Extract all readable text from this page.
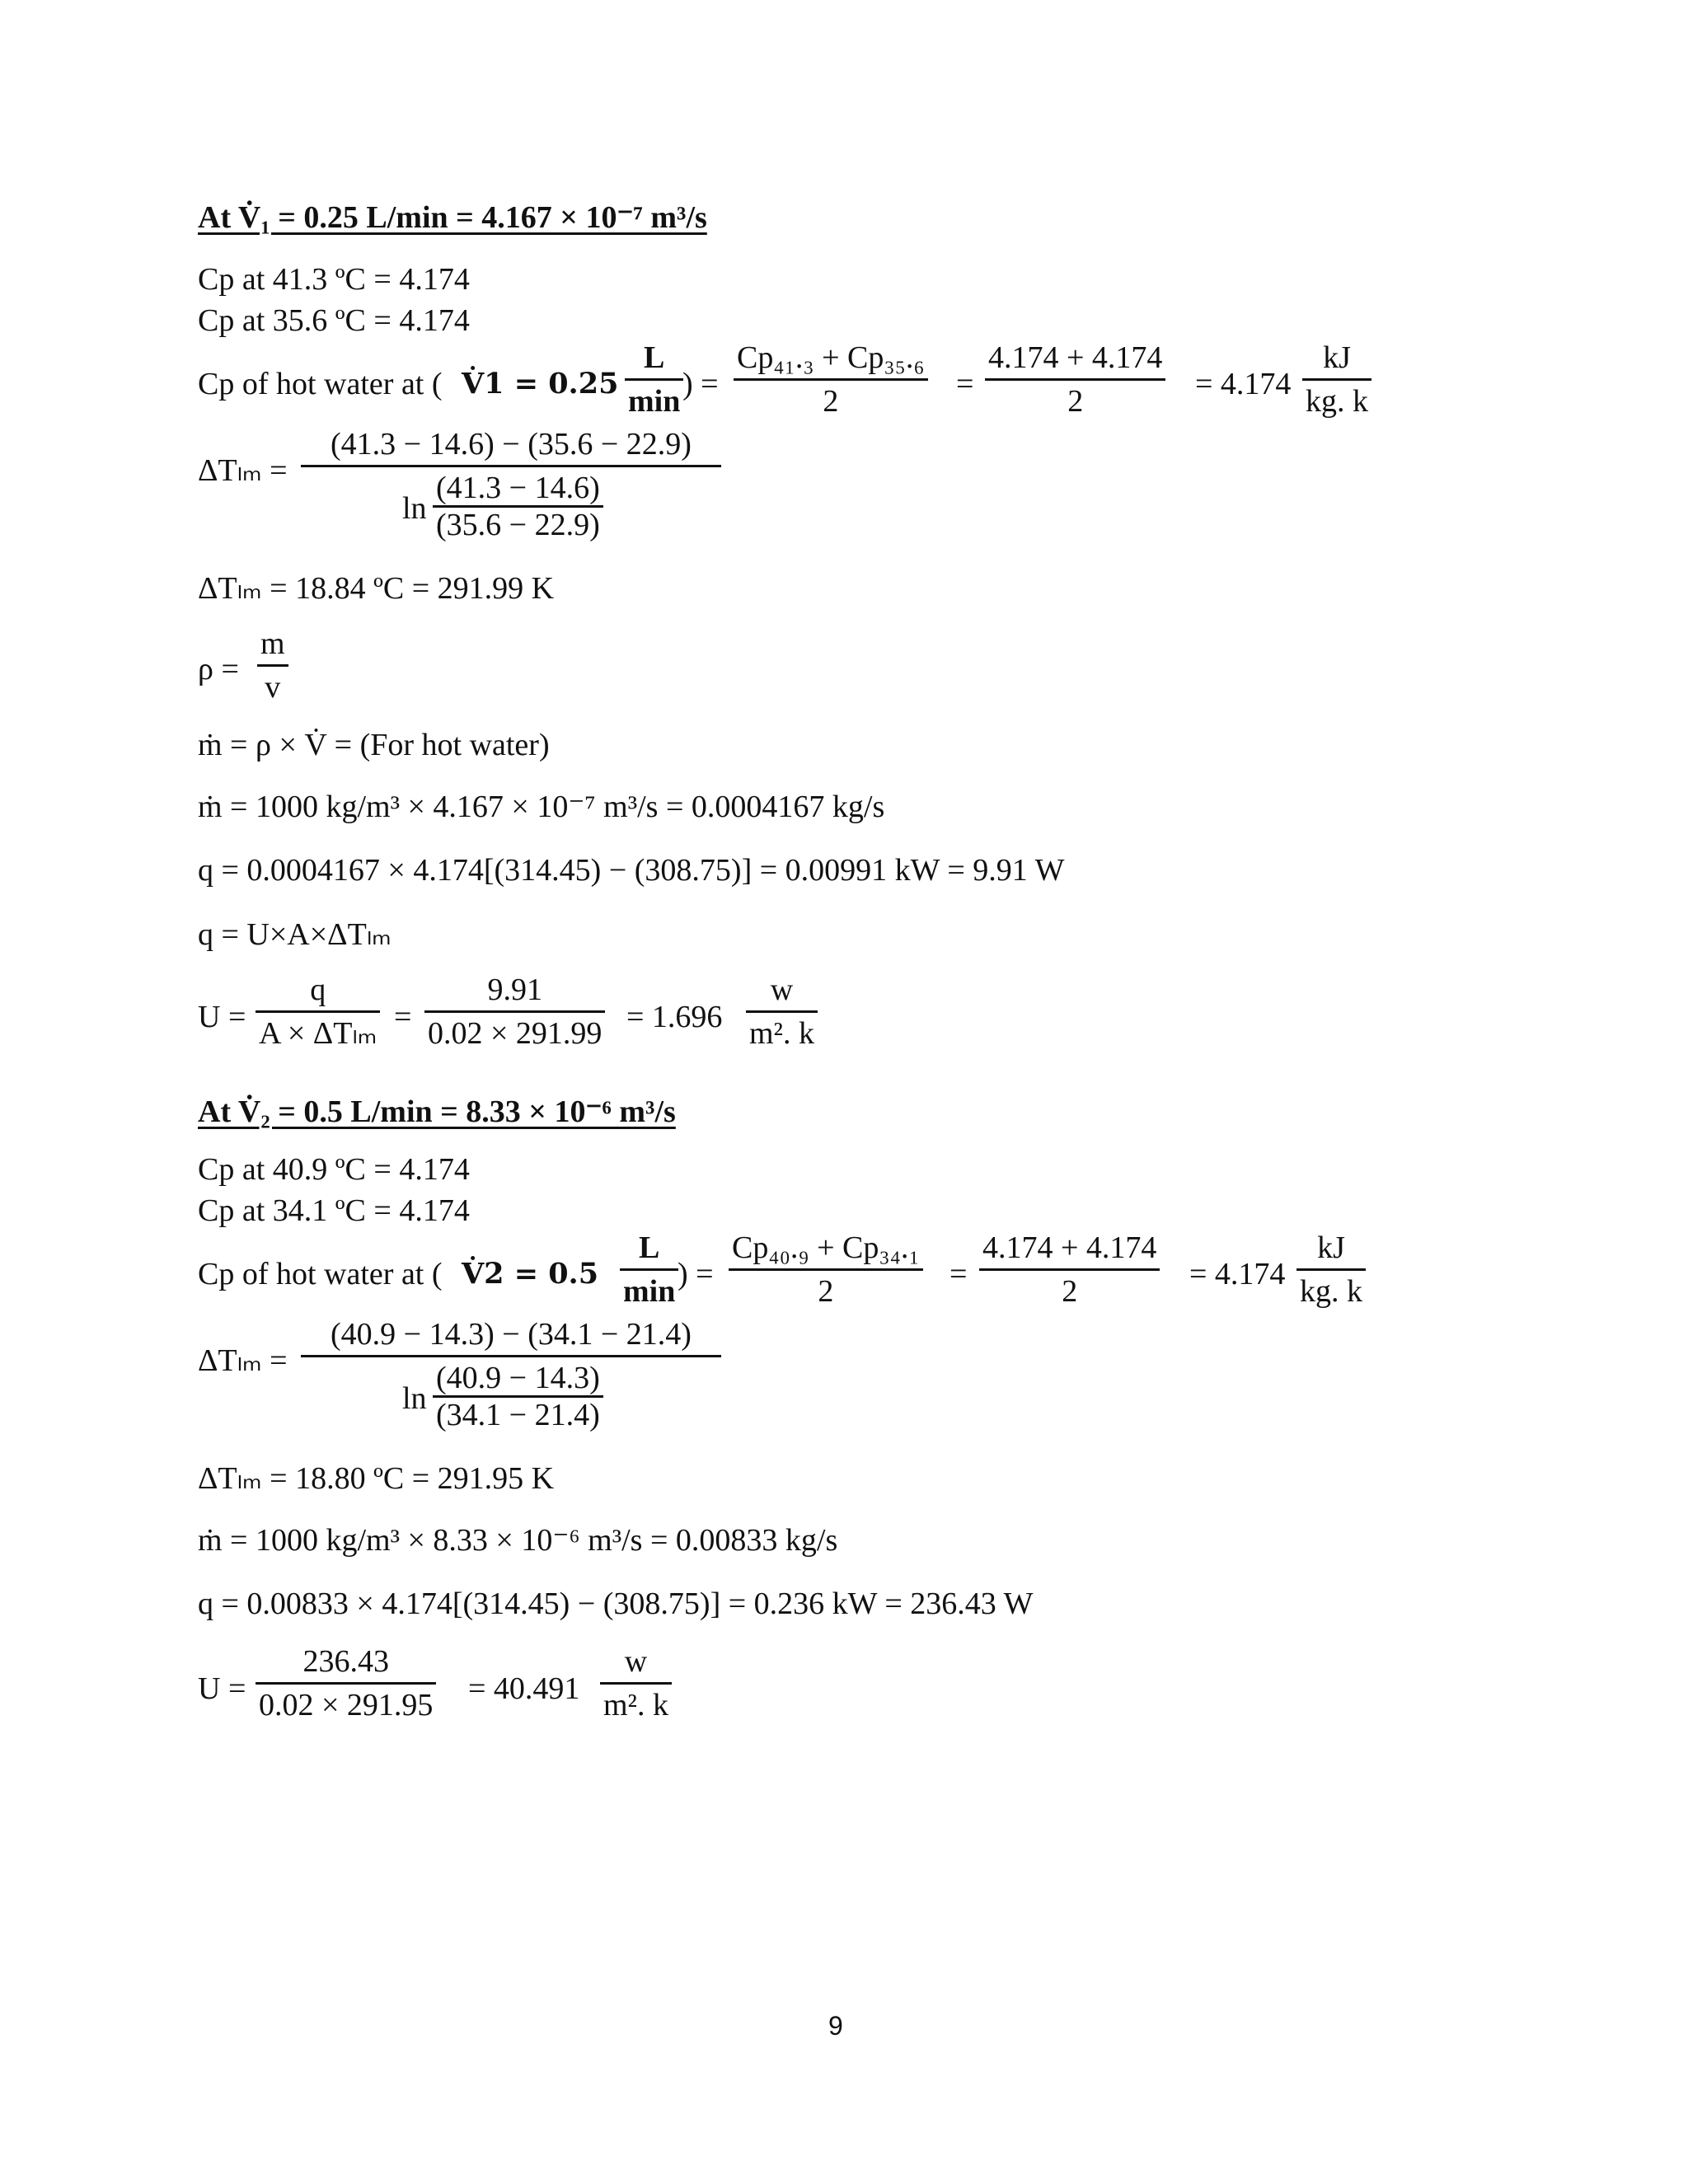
At V̇₁ = 0.25 L/min = 4.167 × 10⁻⁷ m³/s
Cp at 41.3 ºC = 4.174
Cp at 35.6 ºC = 4.174
Cp of hot water at ( V̇1 = 0.25
L
min ) =
Cp₄₁.₃ + Cp₃₅.₆
2	=
4.174 + 4.174
2	= 4.174
kJ
kg. k
ΔTₗₘ =
(41.3 − 14.6) − (35.6 − 22.9)
ln
(41.3 − 14.6)
(35.6 − 22.9)
ΔTₗₘ = 18.84 ºC = 291.99 K
ρ =
m
v
ṁ = ρ × V̇ = (For hot water)
ṁ = 1000 kg/m³ × 4.167 × 10⁻⁷ m³/s = 0.0004167 kg/s
q = 0.0004167 × 4.174[(314.45) − (308.75)] = 0.00991 kW = 9.91 W
q = U×A×ΔTₗₘ
U =
q
A × ΔTₗₘ =
9.91
0.02 × 291.99 = 1.696
w
m². k
At V̇₂ = 0.5 L/min = 8.33 × 10⁻⁶ m³/s
Cp at 40.9 ºC = 4.174
Cp at 34.1 ºC = 4.174
Cp of hot water at ( V̇2 = 0.5
L
min ) =
Cp₄₀.₉ + Cp₃₄.₁
2	=
4.174 + 4.174
2	= 4.174
kJ
kg. k
ΔTₗₘ =
(40.9 − 14.3) − (34.1 − 21.4)
ln
(40.9 − 14.3)
(34.1 − 21.4)
ΔTₗₘ = 18.80 ºC = 291.95 K
ṁ = 1000 kg/m³ × 8.33 × 10⁻⁶ m³/s = 0.00833 kg/s
q = 0.00833 × 4.174[(314.45) − (308.75)] = 0.236 kW = 236.43 W
U =
236.43
0.02 × 291.95 = 40.491
w
m². k
9
